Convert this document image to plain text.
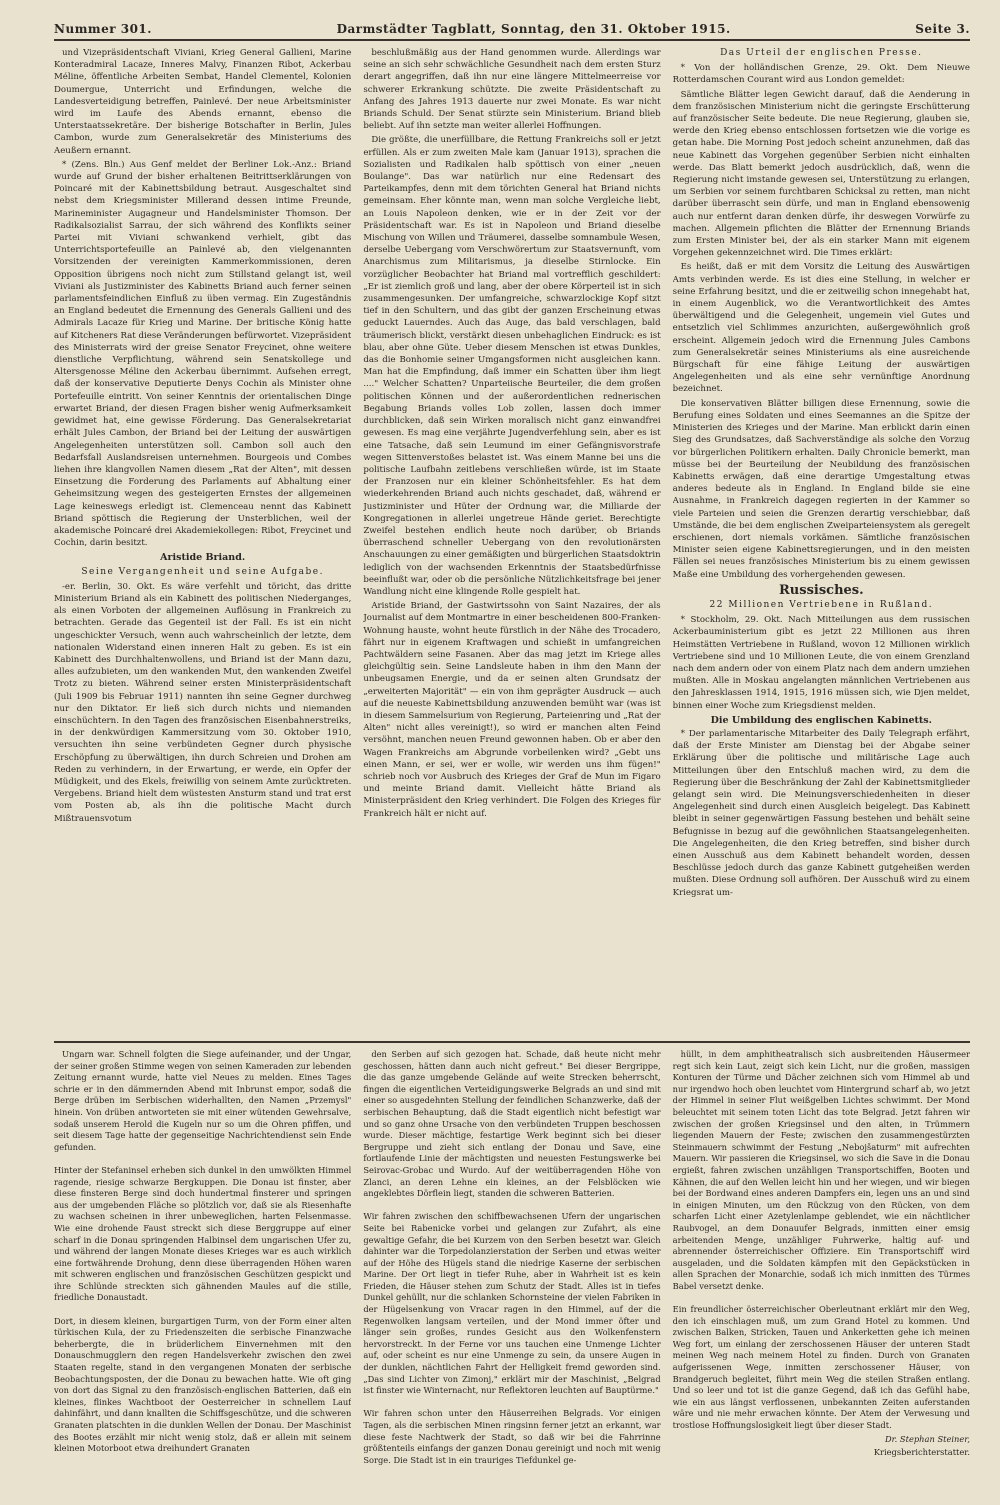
Nummer 301.	Darmstädter Tagblatt, Sonntag, den 31. Oktober 1915.	Seite 3.

und Vizepräsidentschaft Viviani, Krieg General Gallieni, Marine Konteradmiral Lacaze, Inneres Malvy, Finanzen Ribot, Ackerbau Méline, öffentliche Arbeiten Sembat, Handel Clementel, Kolonien Doumergue, Unterricht und Erfindungen, welche die Landesverteidigung betreffen, Painlevé. Der neue Arbeitsminister wird im Laufe des Abends ernannt, ebenso die Unterstaatssekretäre. Der bisherige Botschafter in Berlin, Jules Cambon, wurde zum Generalsekretär des Ministeriums des Aeußern ernannt.

* (Zens. Bln.) Aus Genf meldet der Berliner Lok.-Anz.: Briand wurde auf Grund der bisher erhaltenen Beitrittserklärungen von Poincaré mit der Kabinettsbildung betraut. Ausgeschaltet sind nebst dem Kriegsminister Millerand dessen intime Freunde, Marineminister Augagneur und Handelsminister Thomson. Der Radikalsozialist Sarrau, der sich während des Konflikts seiner Partei mit Viviani schwankend verhielt, gibt das Unterrichtsportefeuille an Painlevé ab, den vielgenannten Vorsitzenden der vereinigten Kammerkommissionen, deren Opposition übrigens noch nicht zum Stillstand gelangt ist, weil Viviani als Justizminister des Kabinetts Briand auch ferner seinen parlamentsfeindlichen Einfluß zu üben vermag. Ein Zugeständnis an England bedeutet die Ernennung des Generals Gallieni und des Admirals Lacaze für Krieg und Marine. Der britische König hatte auf Kitcheners Rat diese Veränderungen befürwortet. Vizepräsident des Ministerrats wird der greise Senator Freycinet, ohne weitere dienstliche Verpflichtung, während sein Senatskollege und Altersgenosse Méline den Ackerbau übernimmt. Aufsehen erregt, daß der konservative Deputierte Denys Cochin als Minister ohne Portefeuille eintritt. Von seiner Kenntnis der orientalischen Dinge erwartet Briand, der diesen Fragen bisher wenig Aufmerksamkeit gewidmet hat, eine gewisse Förderung. Das Generalsekretariat erhält Jules Cambon, der Briand bei der Leitung der auswärtigen Angelegenheiten unterstützen soll. Cambon soll auch den Bedarfsfall Auslandsreisen unternehmen. Bourgeois und Combes liehen ihre klangvollen Namen diesem „Rat der Alten", mit dessen Einsetzung die Forderung des Parlaments auf Abhaltung einer Geheimsitzung wegen des gesteigerten Ernstes der allgemeinen Lage keineswegs erledigt ist. Clemenceau nennt das Kabinett Briand spöttisch die Regierung der Unsterblichen, weil der akademische Poincaré drei Akademiekollegen: Ribot, Freycinet und Cochin, darin besitzt.

Aristide Briand.
Seine Vergangenheit und seine Aufgabe.

-er. Berlin, 30. Okt. Es wäre verfehlt und töricht, das dritte Ministerium Briand als ein Kabinett des politischen Niederganges, als einen Vorboten der allgemeinen Auflösung in Frankreich zu betrachten. Gerade das Gegenteil ist der Fall. Es ist ein nicht ungeschickter Versuch, wenn auch wahrscheinlich der letzte, dem nationalen Widerstand einen inneren Halt zu geben. Es ist ein Kabinett des Durchhaltenwollens, und Briand ist der Mann dazu, alles aufzubieten, um den wankenden Mut, den wankenden Zweifel Trotz zu bieten. Während seiner ersten Ministerpräsidentschaft (Juli 1909 bis Februar 1911) nannten ihn seine Gegner durchweg nur den Diktator. Er ließ sich durch nichts und niemanden einschüchtern. In den Tagen des französischen Eisenbahnerstreiks, in der denkwürdigen Kammersitzung vom 30. Oktober 1910, versuchten ihn seine verbündeten Gegner durch physische Erschöpfung zu überwältigen, ihn durch Schreien und Drohen am Reden zu verhindern, in der Erwartung, er werde, ein Opfer der Müdigkeit, und des Ekels, freiwillig von seinem Amte zurücktreten. Vergebens. Briand hielt dem wüstesten Ansturm stand und trat erst vom Posten ab, als ihn die politische Macht durch Mißtrauensvotum

beschlußmäßig aus der Hand genommen wurde. Allerdings war seine an sich sehr schwächliche Gesundheit nach dem ersten Sturz derart angegriffen, daß ihn nur eine längere Mittelmeerreise vor schwerer Erkrankung schützte. Die zweite Präsidentschaft zu Anfang des Jahres 1913 dauerte nur zwei Monate. Es war nicht Briands Schuld. Der Senat stürzte sein Ministerium. Briand blieb beliebt. Auf ihn setzte man weiter allerlei Hoffnungen.

Die größte, die unerfüllbare, die Rettung Frankreichs soll er jetzt erfüllen. Als er zum zweiten Male kam (Januar 1913), sprachen die Sozialisten und Radikalen halb spöttisch von einer „neuen Boulange". Das war natürlich nur eine Redensart des Parteikampfes, denn mit dem törichten General hat Briand nichts gemeinsam. Eher könnte man, wenn man solche Vergleiche liebt, an Louis Napoleon denken, wie er in der Zeit vor der Präsidentschaft war. Es ist in Napoleon und Briand dieselbe Mischung von Willen und Träumerei, dasselbe somnambule Wesen, derselbe Uebergang vom Verschwörertum zur Staatsvernunft, vom Anarchismus zum Militarismus, ja dieselbe Stirnlocke. Ein vorzüglicher Beobachter hat Briand mal vortrefflich geschildert: „Er ist ziemlich groß und lang, aber der obere Körperteil ist in sich zusammengesunken. Der umfangreiche, schwarzlockige Kopf sitzt tief in den Schultern, und das gibt der ganzen Erscheinung etwas geduckt Lauerndes. Auch das Auge, das bald verschlagen, bald träumerisch blickt, verstärkt diesen unbehaglichen Eindruck: es ist blau, aber ohne Güte. Ueber diesem Menschen ist etwas Dunkles, das die Bonhomie seiner Umgangsformen nicht ausgleichen kann. Man hat die Empfindung, daß immer ein Schatten über ihm liegt ...." Welcher Schatten? Unparteiische Beurteiler, die dem großen politischen Können und der außerordentlichen rednerischen Begabung Briands volles Lob zollen, lassen doch immer durchblicken, daß sein Wirken moralisch nicht ganz einwandfrei gewesen. Es mag eine verjährte Jugendverfehlung sein, aber es ist eine Tatsache, daß sein Leumund im einer Gefängnisvorstrafe wegen Sittenverstoßes belastet ist. Was einem Manne bei uns die politische Laufbahn zeitlebens verschließen würde, ist im Staate der Franzosen nur ein kleiner Schönheitsfehler. Es hat dem wiederkehrenden Briand auch nichts geschadet, daß, während er Justizminister und Hüter der Ordnung war, die Milliarde der Kongregationen in allerlei ungetreue Hände geriet. Berechtigte Zweifel bestehen endlich heute noch darüber, ob Briands überraschend schneller Uebergang von den revolutionärsten Anschauungen zu einer gemäßigten und bürgerlichen Staatsdoktrin lediglich von der wachsenden Erkenntnis der Staatsbedürfnisse beeinflußt war, oder ob die persönliche Nützlichkeitsfrage bei jener Wandlung nicht eine klingende Rolle gespielt hat.

Aristide Briand, der Gastwirtssohn von Saint Nazaires, der als Journalist auf dem Montmartre in einer bescheidenen 800-Franken-Wohnung hauste, wohnt heute fürstlich in der Nähe des Trocadero, fährt nur in eigenem Kraftwagen und schießt in umfangreichen Pachtwäldern seine Fasanen. Aber das mag jetzt im Kriege alles gleichgültig sein. Seine Landsleute haben in ihm den Mann der unbeugsamen Energie, und da er seinen alten Grundsatz der „erweiterten Majorität" — ein von ihm geprägter Ausdruck — auch auf die neueste Kabinettsbildung anzuwenden bemüht war (was ist in diesem Sammelsurium von Regierung, Parteienring und „Rat der Alten" nicht alles vereinigt!), so wird er manchen alten Feind versöhnt, manchen neuen Freund gewonnen haben. Ob er aber den Wagen Frankreichs am Abgrunde vorbeilenken wird? „Gebt uns einen Mann, er sei, wer er wolle, wir werden uns ihm fügen!" schrieb noch vor Ausbruch des Krieges der Graf de Mun im Figaro und meinte Briand damit. Vielleicht hätte Briand als Ministerpräsident den Krieg verhindert. Die Folgen des Krieges für Frankreich hält er nicht auf.

Das Urteil der englischen Presse.

* Von der holländischen Grenze, 29. Okt. Dem Nieuwe Rotterdamschen Courant wird aus London gemeldet:

Sämtliche Blätter legen Gewicht darauf, daß die Aenderung in dem französischen Ministerium nicht die geringste Erschütterung auf französischer Seite bedeute. Die neue Regierung, glauben sie, werde den Krieg ebenso entschlossen fortsetzen wie die vorige es getan habe. Die Morning Post jedoch scheint anzunehmen, daß das neue Kabinett das Vorgehen gegenüber Serbien nicht einhalten werde. Das Blatt bemerkt jedoch ausdrücklich, daß, wenn die Regierung nicht imstande gewesen sei, Unterstützung zu erlangen, um Serbien vor seinem furchtbaren Schicksal zu retten, man nicht darüber überrascht sein dürfe, und man in England ebensowenig auch nur entfernt daran denken dürfe, ihr deswegen Vorwürfe zu machen. Allgemein pflichten die Blätter der Ernennung Briands zum Ersten Minister bei, der als ein starker Mann mit eigenem Vorgehen gekennzeichnet wird. Die Times erklärt:

Es heißt, daß er mit dem Vorsitz die Leitung des Auswärtigen Amts verbinden werde. Es ist dies eine Stellung, in welcher er seine Erfahrung besitzt, und die er zeitweilig schon innegehabt hat, in einem Augenblick, wo die Verantwortlichkeit des Amtes überwältigend und die Gelegenheit, ungemein viel Gutes und entsetzlich viel Schlimmes anzurichten, außergewöhnlich groß erscheint. Allgemein jedoch wird die Ernennung Jules Cambons zum Generalsekretär seines Ministeriums als eine ausreichende Bürgschaft für eine fähige Leitung der auswärtigen Angelegenheiten und als eine sehr vernünftige Anordnung bezeichnet.

Die konservativen Blätter billigen diese Ernennung, sowie die Berufung eines Soldaten und eines Seemannes an die Spitze der Ministerien des Krieges und der Marine. Man erblickt darin einen Sieg des Grundsatzes, daß Sachverständige als solche den Vorzug vor bürgerlichen Politikern erhalten. Daily Chronicle bemerkt, man müsse bei der Beurteilung der Neubildung des französischen Kabinetts erwägen, daß eine derartige Umgestaltung etwas anderes bedeute als in England. In England bilde sie eine Ausnahme, in Frankreich dagegen regierten in der Kammer so viele Parteien und seien die Grenzen derartig verschiebbar, daß Umstände, die bei dem englischen Zweiparteiensystem als geregelt erschienen, dort niemals vorkämen. Sämtliche französischen Minister seien eigene Kabinettsregierungen, und in den meisten Fällen sei neues französisches Ministerium bis zu einem gewissen Maße eine Umbildung des vorhergehenden gewesen.

Russisches.
22 Millionen Vertriebene in Rußland.

* Stockholm, 29. Okt. Nach Mitteilungen aus dem russischen Ackerbauministerium gibt es jetzt 22 Millionen aus ihren Heimstätten Vertriebene in Rußland, wovon 12 Millionen wirklich Vertriebene sind und 10 Millionen Leute, die von einem Grenzland nach dem andern oder von einem Platz nach dem andern umziehen mußten. Alle in Moskau angelangten männlichen Vertriebenen aus den Jahresklassen 1914, 1915, 1916 müssen sich, wie Djen meldet, binnen einer Woche zum Kriegsdienst melden.

Die Umbildung des englischen Kabinetts.

* Der parlamentarische Mitarbeiter des Daily Telegraph erfährt, daß der Erste Minister am Dienstag bei der Abgabe seiner Erklärung über die politische und militärische Lage auch Mitteilungen über den Entschluß machen wird, zu dem die Regierung über die Beschränkung der Zahl der Kabinettsmitglieder gelangt sein wird. Die Meinungsverschiedenheiten in dieser Angelegenheit sind durch einen Ausgleich beigelegt. Das Kabinett bleibt in seiner gegenwärtigen Fassung bestehen und behält seine Befugnisse in bezug auf die gewöhnlichen Staatsangelegenheiten. Die Angelegenheiten, die den Krieg betreffen, sind bisher durch einen Ausschuß aus dem Kabinett behandelt worden, dessen Beschlüsse jedoch durch das ganze Kabinett gutgeheißen werden mußten. Diese Ordnung soll aufhören. Der Ausschuß wird zu einem Kriegsrat um-

Ungarn war. Schnell folgten die Siege aufeinander, und der Ungar, der seiner großen Stimme wegen von seinen Kameraden zur lebenden Zeitung ernannt wurde, hatte viel Neues zu melden. Eines Tages schrie er in den dämmernden Abend mit Inbrunst empor, sodaß die Berge drüben im Serbischen widerhallten, den Namen „Przemysl" hinein. Von drüben antworteten sie mit einer wütenden Gewehrsalve, sodaß unserem Herold die Kugeln nur so um die Ohren pfiffen, und seit diesem Tage hatte der gegenseitige Nachrichtendienst sein Ende gefunden.

Hinter der Stefaninsel erheben sich dunkel in den umwölkten Himmel ragende, riesige schwarze Bergkuppen. Die Donau ist finster, aber diese finsteren Berge sind doch hundertmal finsterer und springen aus der umgebenden Fläche so plötzlich vor, daß sie als Riesenhafte zu wachsen scheinen in ihrer unbeweglichen, harten Felsenmasse. Wie eine drohende Faust streckt sich diese Berggruppe auf einer scharf in die Donau springenden Halbinsel dem ungarischen Ufer zu, und während der langen Monate dieses Krieges war es auch wirklich eine fortwährende Drohung, denn diese überragenden Höhen waren mit schweren englischen und französischen Geschützen gespickt und ihre Schlünde streckten sich gähnenden Maules auf die stille, friedliche Donaustadt.

Dort, in diesem kleinen, burgartigen Turm, von der Form einer alten türkischen Kula, der zu Friedenszeiten die serbische Finanzwache beherbergte, die in brüderlichem Einvernehmen mit den Donauschmugglern den regen Handelsverkehr zwischen den zwei Staaten regelte, stand in den vergangenen Monaten der serbische Beobachtungsposten, der die Donau zu bewachen hatte. Wie oft ging von dort das Signal zu den französisch-englischen Batterien, daß ein kleines, flinkes Wachtboot der Oesterreicher in schnellem Lauf dahinfährt, und dann knallten die Schiffsgeschütze, und die schweren Granaten platschten in die dunklen Wellen der Donau. Der Maschinist des Bootes erzählt mir nicht wenig stolz, daß er allein mit seinem kleinen Motorboot etwa dreihundert Granaten

den Serben auf sich gezogen hat. Schade, daß heute nicht mehr geschossen, hätten dann auch nicht gefreut." Bei dieser Bergrippe, die das ganze umgebende Gelände auf weite Strecken beherrscht, fingen die eigentlichen Verteidigungswerke Belgrads an und sind mit einer so ausgedehnten Stellung der feindlichen Schanzwerke, daß der serbischen Behauptung, daß die Stadt eigentlich nicht befestigt war und so ganz ohne Ursache von den verbündeten Truppen beschossen wurde. Dieser mächtige, festartige Werk beginnt sich bei dieser Bergruppe und zieht sich entlang der Donau und Save, eine fortlaufende Linie der mächtigsten und neuesten Festungswerke bei Seirovac-Grobac und Wurdo. Auf der weitüberragenden Höhe von Zlanci, an deren Lehne ein kleines, an der Felsblöcken wie angeklebtes Dörflein liegt, standen die schweren Batterien.

Wir fahren zwischen den schiffbewachsenen Ufern der ungarischen Seite bei Rabenicke vorbei und gelangen zur Zufahrt, als eine gewaltige Gefahr, die bei Kurzem von den Serben besetzt war. Gleich dahinter war die Torpedolanzierstation der Serben und etwas weiter auf der Höhe des Hügels stand die niedrige Kaserne der serbischen Marine. Der Ort liegt in tiefer Ruhe, aber in Wahrheit ist es kein Frieden, die Häuser stehen zum Schutz der Stadt. Alles ist in tiefes Dunkel gehüllt, nur die schlanken Schornsteine der vielen Fabriken in der Hügelsenkung von Vracar ragen in den Himmel, auf der die Regenwolken langsam verteilen, und der Mond immer öfter und länger sein großes, rundes Gesicht aus den Wolkenfenstern hervorstreckt. In der Ferne vor uns tauchen eine Unmenge Lichter auf, oder scheint es nur eine Unmenge zu sein, da unsere Augen in der dunklen, nächtlichen Fahrt der Helligkeit fremd geworden sind. „Das sind Lichter von Zimonj," erklärt mir der Maschinist, „Belgrad ist finster wie Winternacht, nur Reflektoren leuchten auf Bauptürme."

Wir fahren schon unter den Häuserreihen Belgrads. Vor einigen Tagen, als die serbischen Minen ringsinn ferner jetzt an erkannt, war diese feste Nachtwerk der Stadt, so daß wir bei die Fahrrinne größtenteils einfangs der ganzen Donau gereinigt und noch mit wenig Sorge. Die Stadt ist in ein trauriges Tiefdunkel ge-

hüllt, in dem amphitheatralisch sich ausbreitenden Häusermeer regt sich kein Laut, zeigt sich kein Licht, nur die großen, massigen Konturen der Türme und Dächer zeichnen sich vom Himmel ab und nur irgendwo hoch oben leuchtet vom Hintergrund scharf ab, wo jetzt der Himmel in seiner Flut weißgelben Lichtes schwimmt. Der Mond beleuchtet mit seinem toten Licht das tote Belgrad. Jetzt fahren wir zwischen der großen Kriegsinsel und den alten, in Trümmern liegenden Mauern der Feste; zwischen den zusammengestürzten Steinmauern schwimmt der Festung „Nebojšaturm" mit aufrechten Mauern. Wir passieren die Kriegsinsel, wo sich die Save in die Donau ergießt, fahren zwischen unzähligen Transportschiffen, Booten und Kähnen, die auf den Wellen leicht hin und her wiegen, und wir biegen bei der Bordwand eines anderen Dampfers ein, legen uns an und sind in einigen Minuten, um den Rückzug von den Rücken, von dem scharfen Licht einer Azetylenlampe geblendet, wie ein nächtlicher Raubvogel, an dem Donauufer Belgrads, inmitten einer emsig arbeitenden Menge, unzähliger Fuhrwerke, haltig auf- und abrennender österreichischer Offiziere. Ein Transportschiff wird ausgeladen, und die Soldaten kämpfen mit den Gepäckstücken in allen Sprachen der Monarchie, sodaß ich mich inmitten des Türmes Babel versetzt denke.

Ein freundlicher österreichischer Oberleutnant erklärt mir den Weg, den ich einschlagen muß, um zum Grand Hotel zu kommen. Und zwischen Balken, Stricken, Tauen und Ankerketten gehe ich meinen Weg fort, um einlang der zerschossenen Häuser der unteren Stadt meinen Weg nach meinem Hotel zu finden. Durch von Granaten aufgerissenen Wege, inmitten zerschossener Häuser, von Brandgeruch begleitet, führt mein Weg die steilen Straßen entlang. Und so leer und tot ist die ganze Gegend, daß ich das Gefühl habe, wie ein aus längst verflossenen, unbekannten Zeiten auferstanden wäre und nie mehr erwachen könnte. Der Atem der Verwesung und trostlose Hoffnungslosigkeit liegt über dieser Stadt.

Dr. Stephan Steiner,

Kriegsberichterstatter.
